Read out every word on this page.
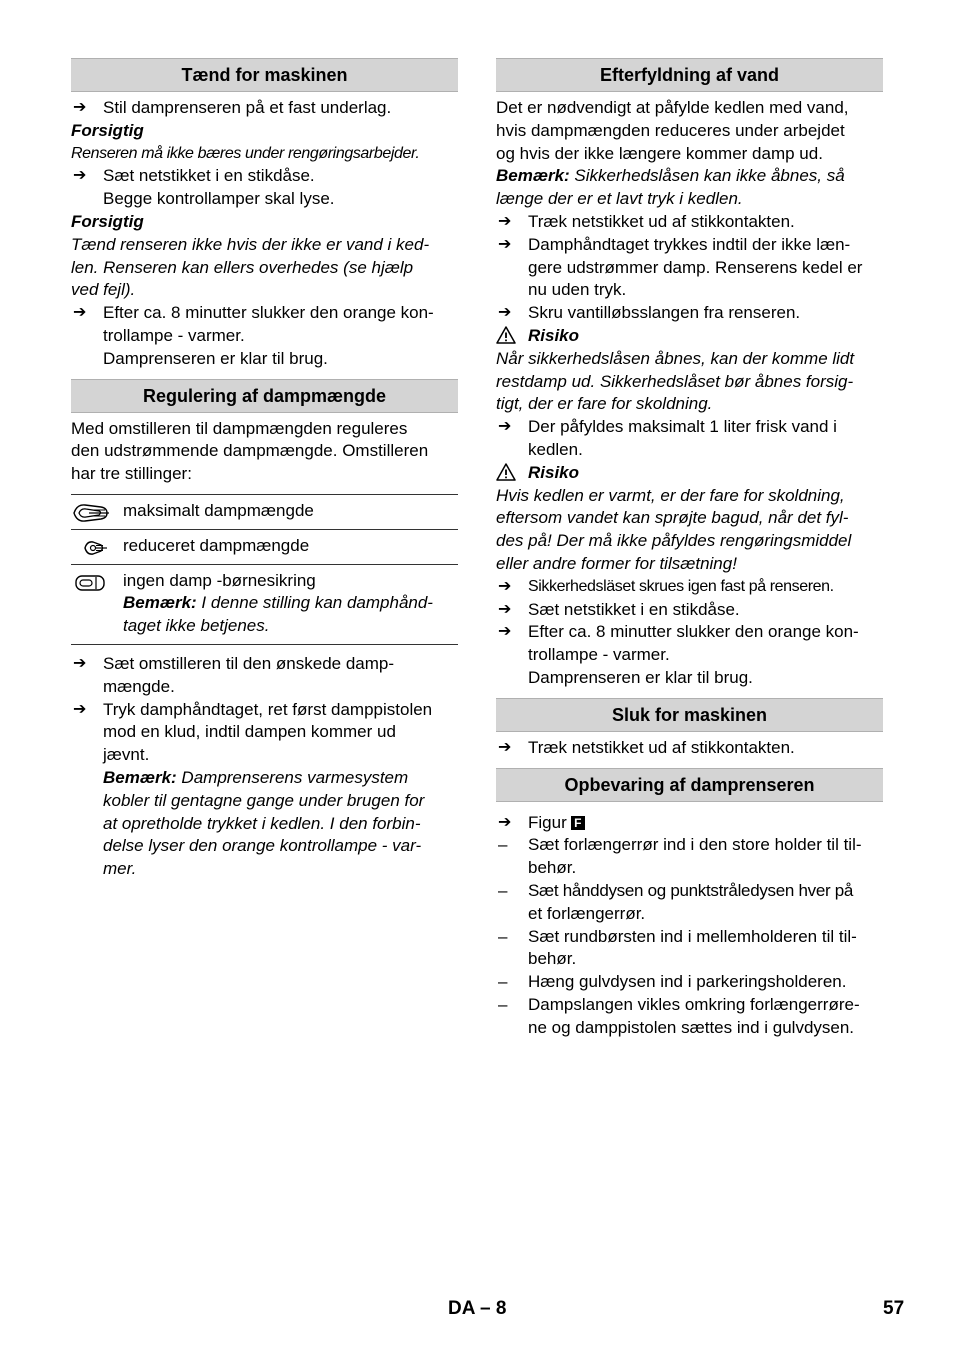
Tænd for maskinen
➔ Stil damprenseren på et fast underlag.

Forsigtig

Renseren må ikke bæres under rengøringsarbejder.

➔ Sæt netstikket i en stikdåse.

Begge kontrollamper skal lyse.

Forsigtig

Tænd renseren ikke hvis der ikke er vand i ked-

len. Renseren kan ellers overhedes (se hjælp

ved fejl).

➔ Efter ca. 8 minutter slukker den orange kon-

trollampe - varmer.

Damprenseren er klar til brug.

Regulering af dampmængde

Med omstilleren til dampmængden reguleres

den udstrømmende dampmængde. Omstilleren

har tre stillinger:

maksimalt dampmængde

reduceret dampmængde

ingen damp -børnesikring

Bemærk: I denne stilling kan damphånd-

taget ikke betjenes.

➔ Sæt omstilleren til den ønskede damp-

mængde.

➔ Tryk damphåndtaget, ret først damppistolen

mod en klud, indtil dampen kommer ud

jævnt.

Bemærk: Damprenserens varmesystem

kobler til gentagne gange under brugen for

at opretholde trykket i kedlen. I den forbin-

delse lyser den orange kontrollampe - var-

mer.

Efterfyldning af vand

Det er nødvendigt at påfylde kedlen med vand,

hvis dampmængden reduceres under arbejdet

og hvis der ikke længere kommer damp ud.

Bemærk: Sikkerhedslåsen kan ikke åbnes, så

længe der er et lavt tryk i kedlen.

➔ Træk netstikket ud af stikkontakten.

➔ Damphåndtaget trykkes indtil der ikke læn-

gere udstrømmer damp. Renserens kedel er

nu uden tryk.

➔ Skru vantilløbsslangen fra renseren.

Risiko

Når sikkerhedslåsen åbnes, kan der komme lidt

restdamp ud. Sikkerhedslåset bør åbnes forsig-

tigt, der er fare for skoldning.

➔ Der påfyldes maksimalt 1 liter frisk vand i

kedlen.

Risiko

Hvis kedlen er varmt, er der fare for skoldning,

eftersom vandet kan sprøjte bagud, når det fyl-

des på! Der må ikke påfyldes rengøringsmiddel

eller andre former for tilsætning!

➔ Sikkerhedsläset skrues igen fast på renseren.

➔ Sæt netstikket i en stikdåse.

➔ Efter ca. 8 minutter slukker den orange kon-

trollampe - varmer.

Damprenseren er klar til brug.

Sluk for maskinen
➔ Træk netstikket ud af stikkontakten.

Opbevaring af damprenseren
➔ Figur F

– Sæt forlængerrør ind i den store holder til til-

behør.

– Sæt hånddysen og punktstråledysen hver på

et forlængerrør.

– Sæt rundbørsten ind i mellemholderen til til-

behør.

– Hæng gulvdysen ind i parkeringsholderen.

– Dampslangen vikles omkring forlængerrøre-

ne og damppistolen sættes ind i gulvdysen.

DA – 8	57
